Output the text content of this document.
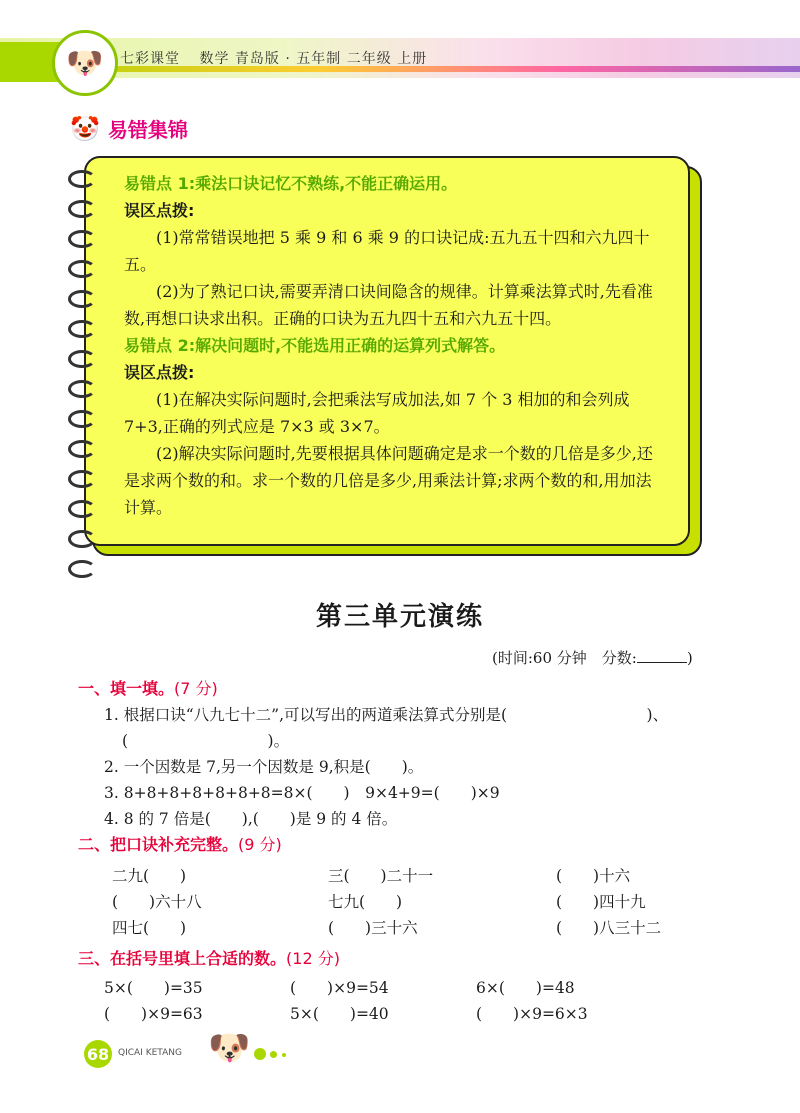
🐶	七彩课堂 数学 青岛版 · 五年制 二年级 上册
🤡 易错集锦

易错点 1:乘法口诀记忆不熟练,不能正确运用。

误区点拨:

(1)常常错误地把 5 乘 9 和 6 乘 9 的口诀记成:五九五十四和六九四十五。

(2)为了熟记口诀,需要弄清口诀间隐含的规律。计算乘法算式时,先看准数,再想口诀求出积。正确的口诀为五九四十五和六九五十四。

易错点 2:解决问题时,不能选用正确的运算列式解答。

误区点拨:

(1)在解决实际问题时,会把乘法写成加法,如 7 个 3 相加的和会列成 7+3,正确的列式应是 7×3 或 3×7。

(2)解决实际问题时,先要根据具体问题确定是求一个数的几倍是多少,还是求两个数的和。求一个数的几倍是多少,用乘法计算;求两个数的和,用加法计算。

第三单元演练
(时间:60 分钟　分数:	)
一、填一填。(7 分)
1. 根据口诀“八九七十二”,可以写出的两道乘法算式分别是(　　　　　　　　　)、
(　　　　　　　　　)。
2. 一个因数是 7,另一个因数是 9,积是(　　)。
3. 8+8+8+8+8+8+8=8×(　　)　9×4+9=(　　)×9
4. 8 的 7 倍是(　　),(　　)是 9 的 4 倍。
二、把口诀补充完整。(9 分)
二九(　　)	三(　　)二十一	(　　)十六
(　　)六十八	七九(　　)	(　　)四十九
四七(　　)	(　　)三十六	(　　)八三十二
三、在括号里填上合适的数。(12 分)
5×(　　)=35	(　　)×9=54	6×(　　)=48
(　　)×9=63	5×(　　)=40	(　　)×9=6×3
68 QICAI KETANG 🐶
